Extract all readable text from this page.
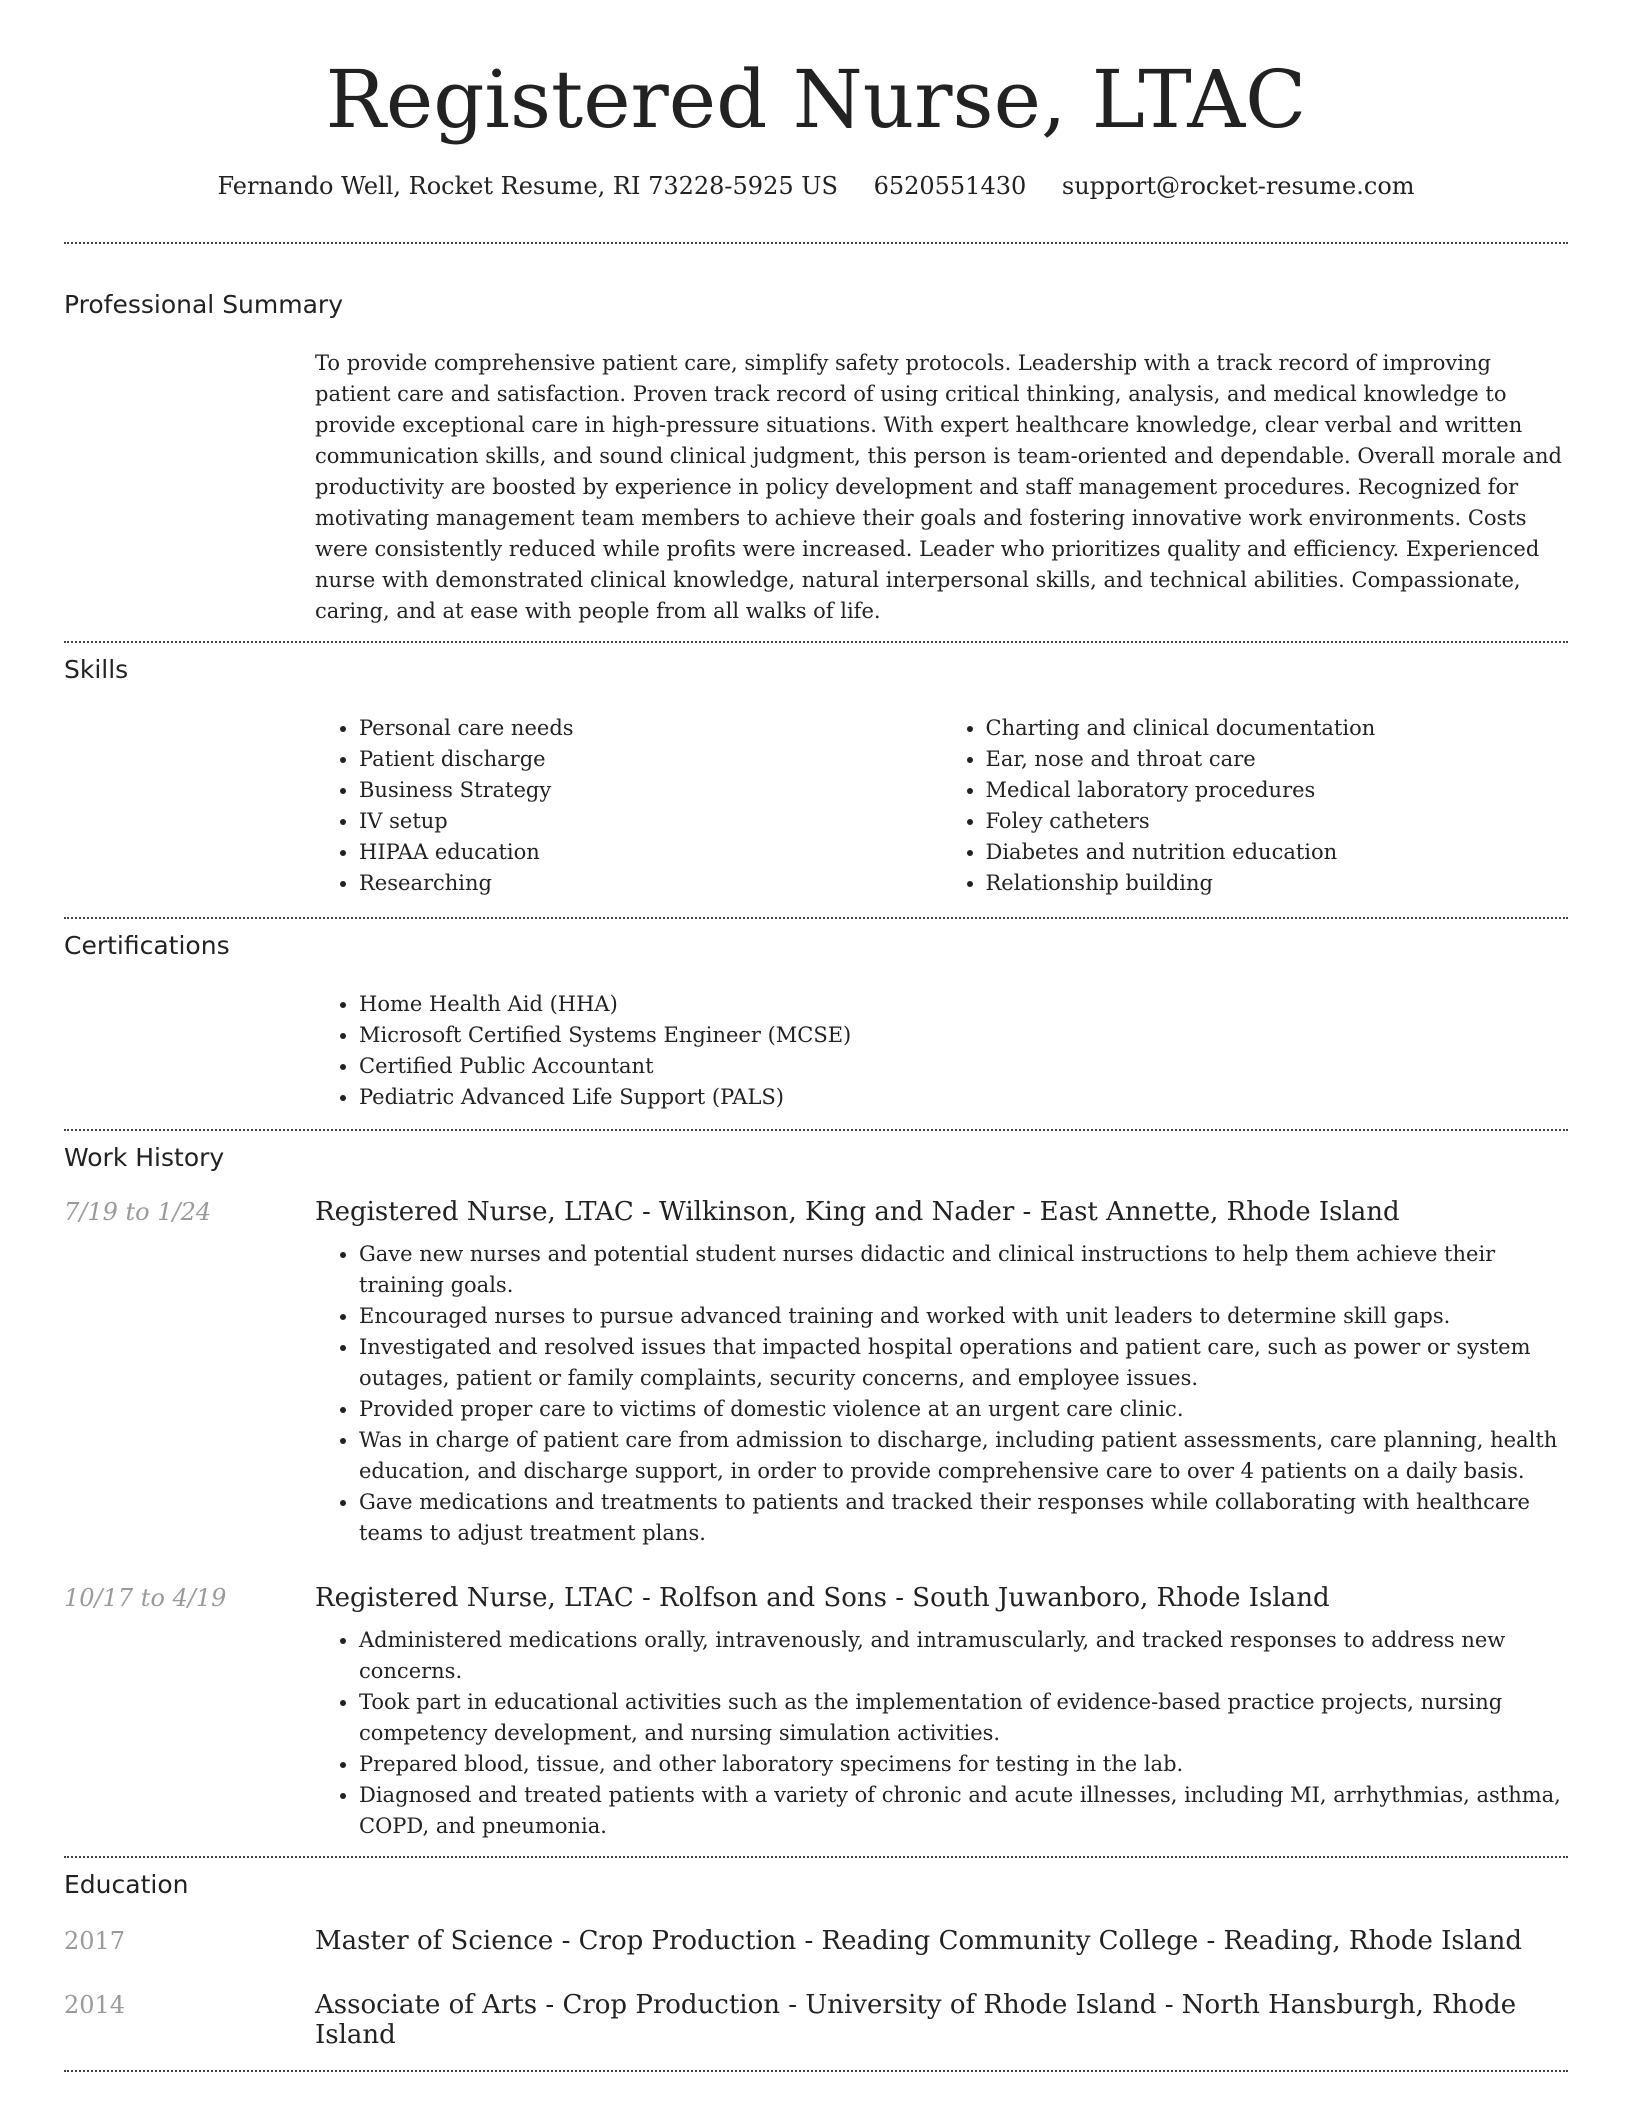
Registered Nurse, LTAC
Fernando Well, Rocket Resume, RI 73228-5925 US 6520551430 support@rocket-resume.com
Professional Summary

To provide comprehensive patient care, simplify safety protocols. Leadership with a track record of improving patient care and satisfaction. Proven track record of using critical thinking, analysis, and medical knowledge to provide exceptional care in high-pressure situations. With expert healthcare knowledge, clear verbal and written communication skills, and sound clinical judgment, this person is team-oriented and dependable. Overall morale and productivity are boosted by experience in policy development and staff management procedures. Recognized for motivating management team members to achieve their goals and fostering innovative work environments. Costs were consistently reduced while profits were increased. Leader who prioritizes quality and efficiency. Experienced nurse with demonstrated clinical knowledge, natural interpersonal skills, and technical abilities. Compassionate, caring, and at ease with people from all walks of life.

Skills
• Personal care needs
• Patient discharge
• Business Strategy
• IV setup
• HIPAA education
• Researching
• Charting and clinical documentation
• Ear, nose and throat care
• Medical laboratory procedures
• Foley catheters
• Diabetes and nutrition education
• Relationship building
Certifications
• Home Health Aid (HHA)
• Microsoft Certified Systems Engineer (MCSE)
• Certified Public Accountant
• Pediatric Advanced Life Support (PALS)
Work History
7/19 to 1/24	Registered Nurse, LTAC - Wilkinson, King and Nader - East Annette, Rhode Island
• Gave new nurses and potential student nurses didactic and clinical instructions to help them achieve their training goals.
• Encouraged nurses to pursue advanced training and worked with unit leaders to determine skill gaps.
• Investigated and resolved issues that impacted hospital operations and patient care, such as power or system outages, patient or family complaints, security concerns, and employee issues.
• Provided proper care to victims of domestic violence at an urgent care clinic.
• Was in charge of patient care from admission to discharge, including patient assessments, care planning, health education, and discharge support, in order to provide comprehensive care to over 4 patients on a daily basis.
• Gave medications and treatments to patients and tracked their responses while collaborating with healthcare teams to adjust treatment plans.
10/17 to 4/19	Registered Nurse, LTAC - Rolfson and Sons - South Juwanboro, Rhode Island
• Administered medications orally, intravenously, and intramuscularly, and tracked responses to address new concerns.
• Took part in educational activities such as the implementation of evidence-based practice projects, nursing competency development, and nursing simulation activities.
• Prepared blood, tissue, and other laboratory specimens for testing in the lab.
• Diagnosed and treated patients with a variety of chronic and acute illnesses, including MI, arrhythmias, asthma, COPD, and pneumonia.
Education
2017	Master of Science - Crop Production - Reading Community College - Reading, Rhode Island
2014	Associate of Arts - Crop Production - University of Rhode Island - North Hansburgh, Rhode Island
